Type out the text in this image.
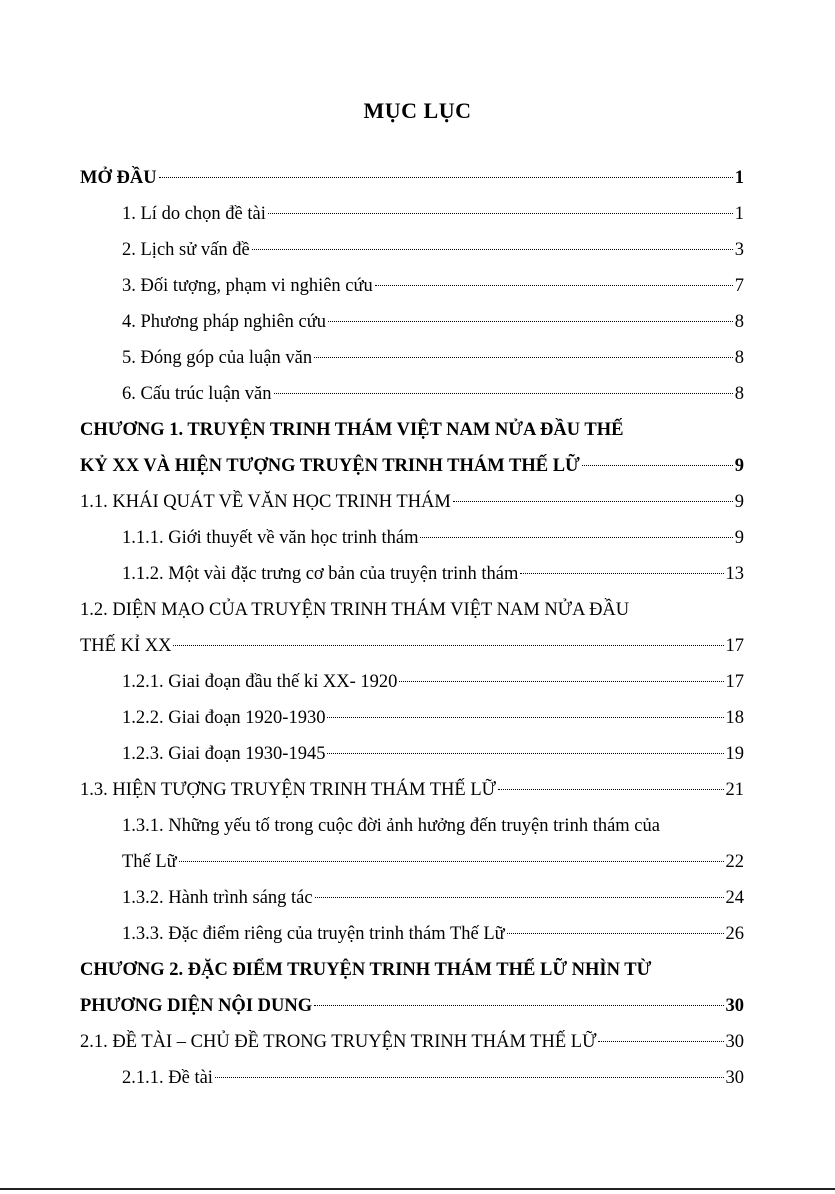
MỤC LỤC
MỞ ĐẦU	1
1. Lí do chọn đề tài	1
2. Lịch sử vấn đề	3
3. Đối tượng, phạm vi nghiên cứu	7
4. Phương pháp nghiên cứu	8
5. Đóng góp của luận văn	8
6. Cấu trúc luận văn	8
CHƯƠNG 1. TRUYỆN TRINH THÁM VIỆT NAM NỬA ĐẦU THẾ
KỶ XX VÀ HIỆN TƯỢNG TRUYỆN TRINH THÁM THẾ LỮ	9
1.1. KHÁI QUÁT VỀ VĂN HỌC TRINH THÁM	9
1.1.1. Giới thuyết về văn học trinh thám	9
1.1.2. Một vài đặc trưng cơ bản của truyện trinh thám	13
1.2. DIỆN MẠO CỦA TRUYỆN TRINH THÁM VIỆT NAM NỬA ĐẦU
THẾ KỈ XX	17
1.2.1. Giai đoạn đầu thế kỉ XX- 1920	17
1.2.2. Giai đoạn 1920-1930	18
1.2.3. Giai đoạn 1930-1945	19
1.3. HIỆN TƯỢNG TRUYỆN TRINH THÁM THẾ LỮ	21
1.3.1. Những yếu tố trong cuộc đời ảnh hưởng đến truyện trinh thám của
Thế Lữ	22
1.3.2. Hành trình sáng tác	24
1.3.3. Đặc điểm riêng của truyện trinh thám Thế Lữ	26
CHƯƠNG 2. ĐẶC ĐIỂM TRUYỆN TRINH THÁM THẾ LỮ NHÌN TỪ
PHƯƠNG DIỆN NỘI DUNG	30
2.1. ĐỀ TÀI – CHỦ ĐỀ TRONG TRUYỆN TRINH THÁM THẾ LỮ	30
2.1.1. Đề tài	30
